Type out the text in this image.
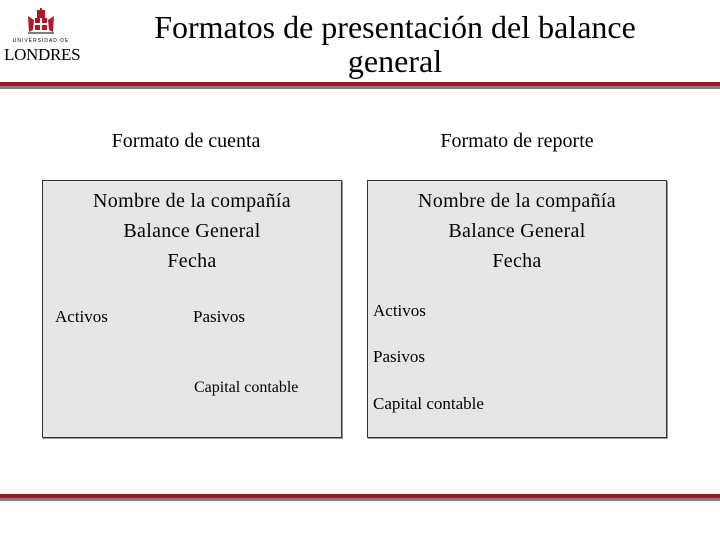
UNIVERSIDAD DE
LONDRES
Formatos de presentación del balance general
Formato de cuenta	Formato de reporte
Nombre de la compañía
Balance General
Fecha
Activos	Pasivos
Capital contable
Nombre de la compañía
Balance General
Fecha
Activos
Pasivos
Capital contable
